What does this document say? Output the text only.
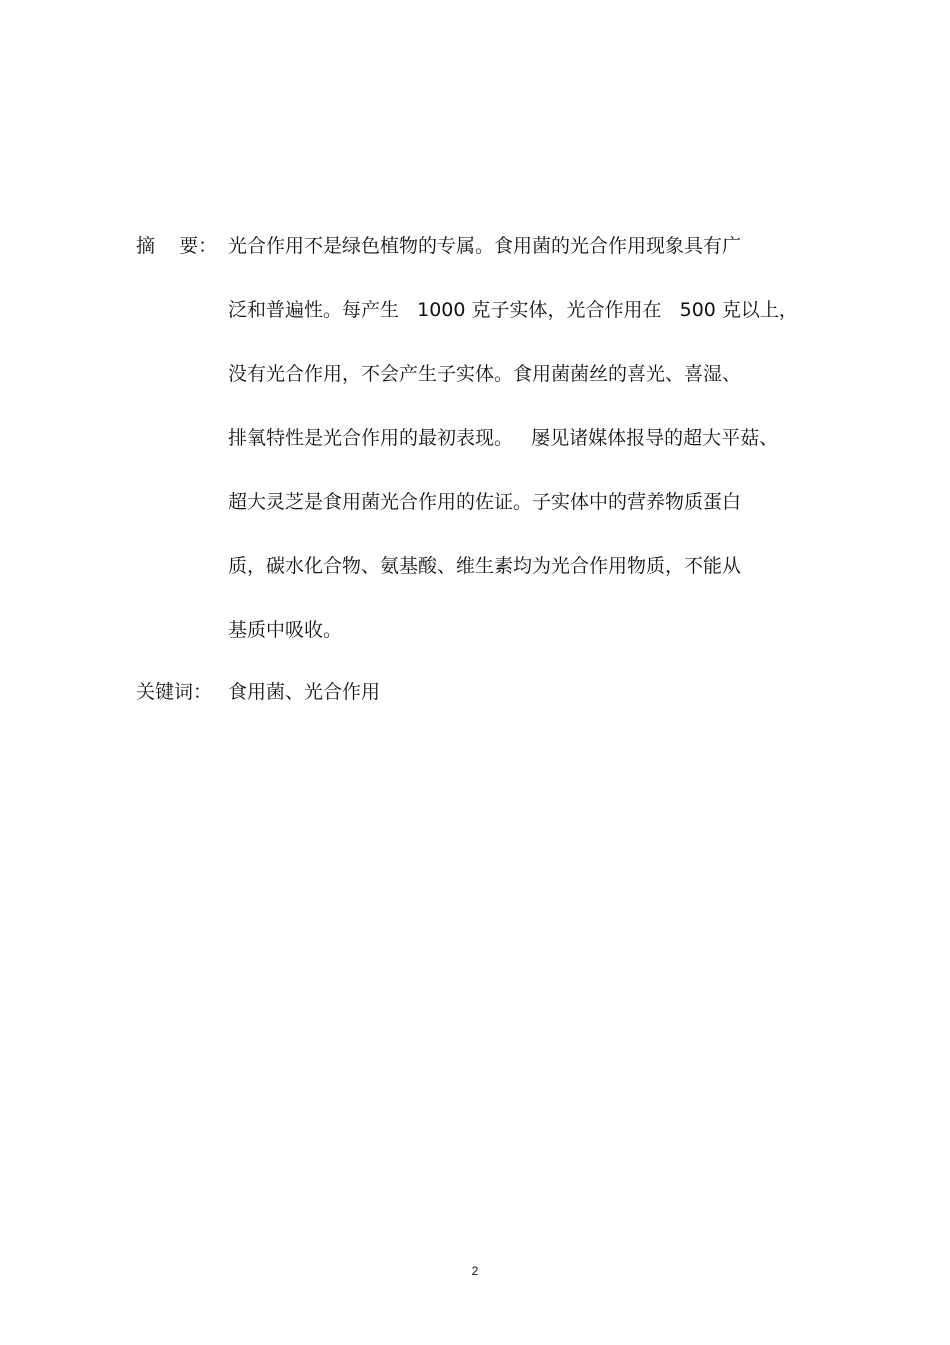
摘    要： 光合作用不是绿色植物的专属。食用菌的光合作用现象具有广
泛和普遍性。每产生   1000 克子实体，光合作用在   500 克以上，
没有光合作用，不会产生子实体。食用菌菌丝的喜光、喜湿、
排氧特性是光合作用的最初表现。   屡见诸媒体报导的超大平菇、
超大灵芝是食用菌光合作用的佐证。子实体中的营养物质蛋白
质，碳水化合物、氨基酸、维生素均为光合作用物质，不能从
基质中吸收。
关键词： 食用菌、光合作用
2
